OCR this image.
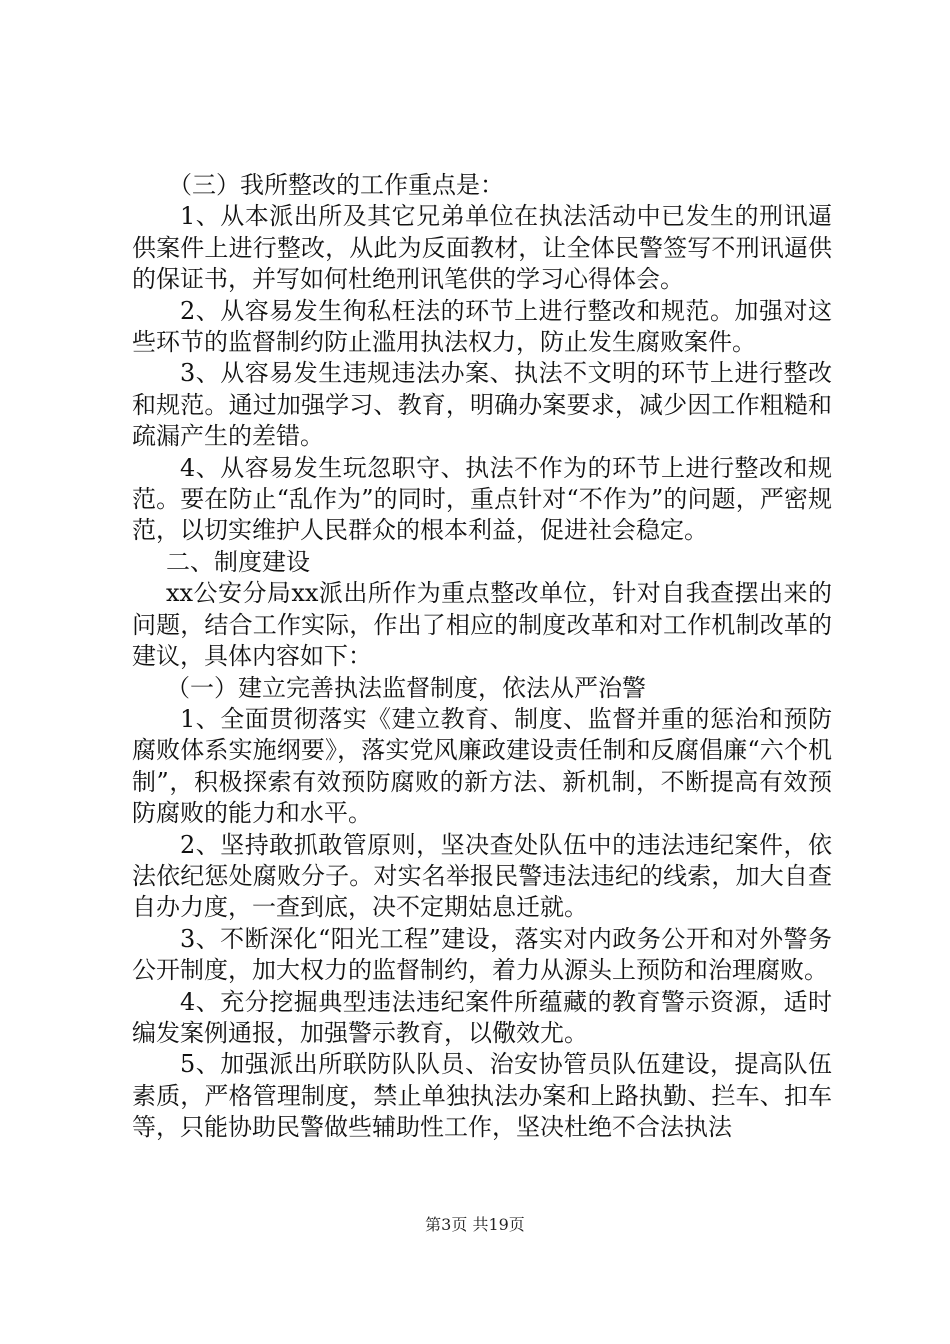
（三）我所整改的工作重点是：

1、从本派出所及其它兄弟单位在执法活动中已发生的刑讯逼供案件上进行整改，从此为反面教材，让全体民警签写不刑讯逼供的保证书，并写如何杜绝刑讯笔供的学习心得体会。

2、从容易发生徇私枉法的环节上进行整改和规范。加强对这些环节的监督制约防止滥用执法权力，防止发生腐败案件。

3、从容易发生违规违法办案、执法不文明的环节上进行整改和规范。通过加强学习、教育，明确办案要求，减少因工作粗糙和疏漏产生的差错。

4、从容易发生玩忽职守、执法不作为的环节上进行整改和规范。要在防止“乱作为”的同时，重点针对“不作为”的问题，严密规范，以切实维护人民群众的根本利益，促进社会稳定。

二、制度建设

xx公安分局xx派出所作为重点整改单位，针对自我查摆出来的问题，结合工作实际，作出了相应的制度改革和对工作机制改革的建议，具体内容如下：

（一）建立完善执法监督制度，依法从严治警

1、全面贯彻落实《建立教育、制度、监督并重的惩治和预防腐败体系实施纲要》，落实党风廉政建设责任制和反腐倡廉“六个机制”，积极探索有效预防腐败的新方法、新机制，不断提高有效预防腐败的能力和水平。

2、坚持敢抓敢管原则，坚决查处队伍中的违法违纪案件，依法依纪惩处腐败分子。对实名举报民警违法违纪的线索，加大自查自办力度，一查到底，决不定期姑息迁就。

3、不断深化“阳光工程”建设，落实对内政务公开和对外警务公开制度，加大权力的监督制约，着力从源头上预防和治理腐败。

4、充分挖掘典型违法违纪案件所蕴藏的教育警示资源，适时编发案例通报，加强警示教育，以儆效尤。

5、加强派出所联防队队员、治安协管员队伍建设，提高队伍素质，严格管理制度，禁止单独执法办案和上路执勤、拦车、扣车等，只能协助民警做些辅助性工作，坚决杜绝不合法执法

第3页 共19页
